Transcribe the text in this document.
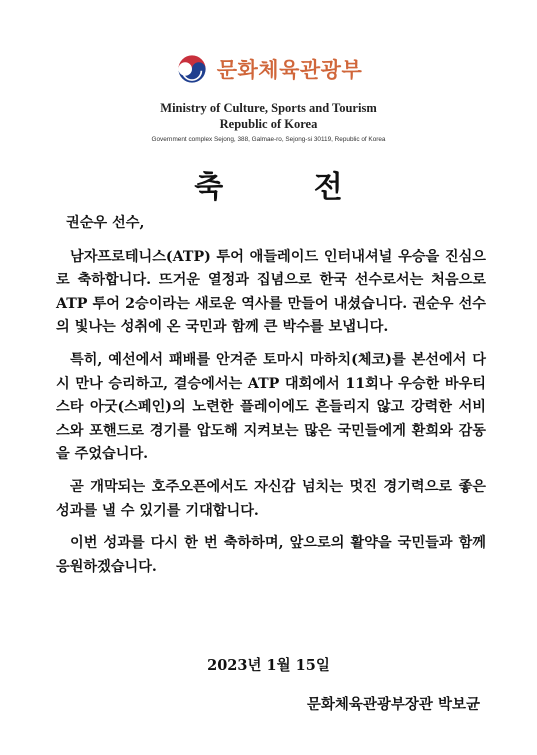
문화체육관광부
Ministry of Culture, Sports and Tourism
Republic of Korea
Government complex Sejong, 388, Galmae-ro, Sejong-si 30119, Republic of Korea
축 전

권순우 선수,

남자프로테니스(ATP) 투어 애들레이드 인터내셔널 우승을 진심으로 축하합니다. 뜨거운 열정과 집념으로 한국 선수로서는 처음으로 ATP 투어 2승이라는 새로운 역사를 만들어 내셨습니다. 권순우 선수의 빛나는 성취에 온 국민과 함께 큰 박수를 보냅니다.

특히, 예선에서 패배를 안겨준 토마시 마하치(체코)를 본선에서 다시 만나 승리하고, 결승에서는 ATP 대회에서 11회나 우승한 바우티스타 아굿(스페인)의 노련한 플레이에도 흔들리지 않고 강력한 서비스와 포핸드로 경기를 압도해 지켜보는 많은 국민들에게 환희와 감동을 주었습니다.

곧 개막되는 호주오픈에서도 자신감 넘치는 멋진 경기력으로 좋은 성과를 낼 수 있기를 기대합니다.

이번 성과를 다시 한 번 축하하며, 앞으로의 활약을 국민들과 함께 응원하겠습니다.

2023년 1월 15일
문화체육관광부장관 박보균
